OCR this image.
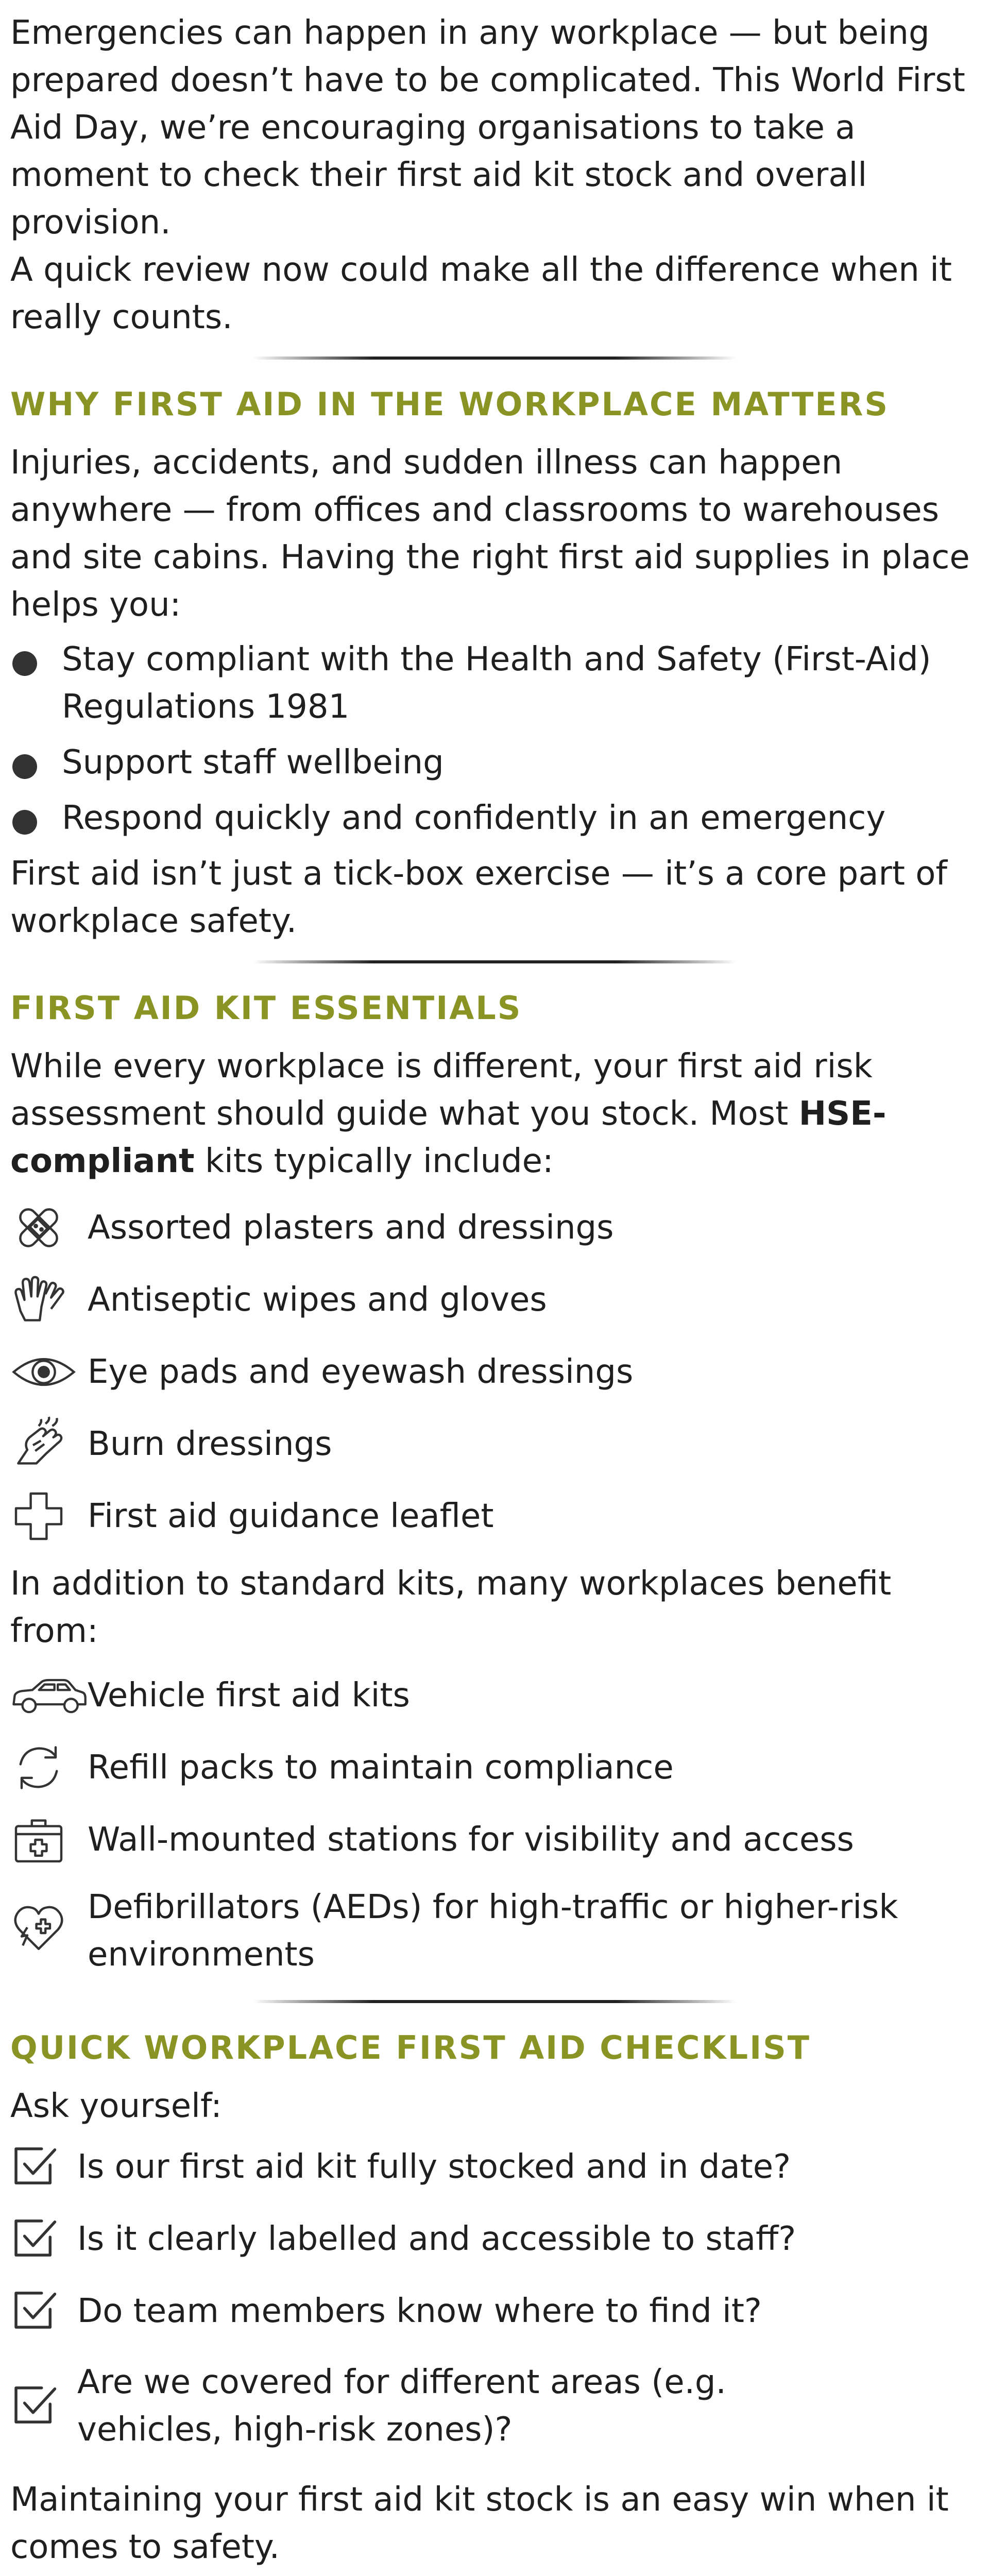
Emergencies can happen in any workplace — but being prepared doesn’t have to be complicated. This World First Aid Day, we’re encouraging organisations to take a moment to check their first aid kit stock and overall provision.

A quick review now could make all the difference when it really counts.

WHY FIRST AID IN THE WORKPLACE MATTERS

Injuries, accidents, and sudden illness can happen anywhere — from offices and classrooms to warehouses and site cabins. Having the right first aid supplies in place helps you:

Stay compliant with the Health and Safety (First-Aid) Regulations 1981
Support staff wellbeing
Respond quickly and confidently in an emergency

First aid isn’t just a tick-box exercise — it’s a core part of workplace safety.

FIRST AID KIT ESSENTIALS

While every workplace is different, your first aid risk assessment should guide what you stock. Most HSE-compliant kits typically include:

Assorted plasters and dressings
Antiseptic wipes and gloves
Eye pads and eyewash dressings
Burn dressings
First aid guidance leaflet

In addition to standard kits, many workplaces benefit from:

Vehicle first aid kits
Refill packs to maintain compliance
Wall-mounted stations for visibility and access
Defibrillators (AEDs) for high-traffic or higher-risk environments
QUICK WORKPLACE FIRST AID CHECKLIST

Ask yourself:

Is our first aid kit fully stocked and in date?
Is it clearly labelled and accessible to staff?
Do team members know where to find it?
Are we covered for different areas (e.g. vehicles, high-risk zones)?

Maintaining your first aid kit stock is an easy win when it comes to safety.
